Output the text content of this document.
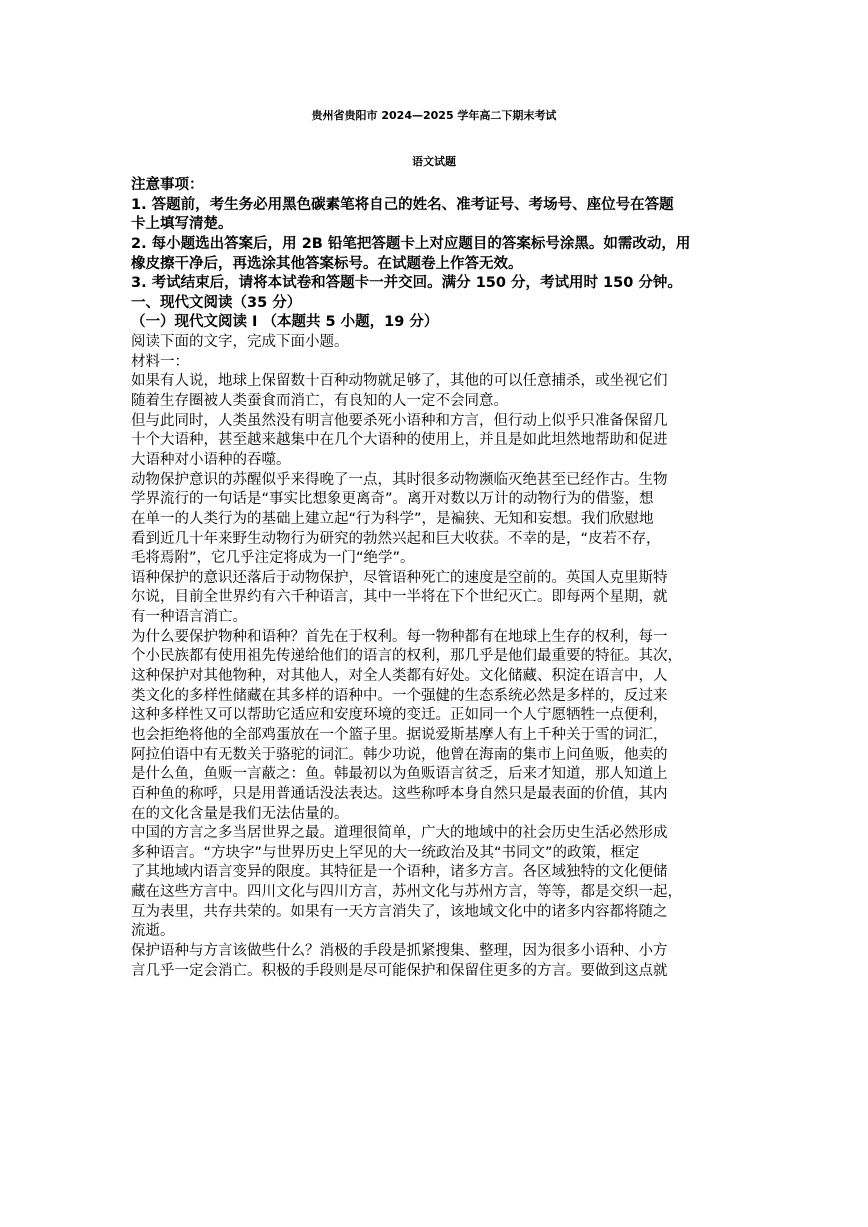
贵州省贵阳市 2024—2025 学年高二下期末考试
语文试题
注意事项：
1. 答题前，考生务必用黑色碳素笔将自己的姓名、准考证号、考场号、座位号在答题
卡上填写清楚。
2. 每小题选出答案后，用 2B 铅笔把答题卡上对应题目的答案标号涂黑。如需改动，用
橡皮擦干净后，再选涂其他答案标号。在试题卷上作答无效。
3. 考试结束后，请将本试卷和答题卡一并交回。满分 150 分，考试用时 150 分钟。
一、现代文阅读（35 分）
（一）现代文阅读 I （本题共 5 小题，19 分）
阅读下面的文字，完成下面小题。
材料一：
如果有人说，地球上保留数十百种动物就足够了，其他的可以任意捕杀，或坐视它们
随着生存圈被人类蚕食而消亡，有良知的人一定不会同意。
但与此同时，人类虽然没有明言他要杀死小语种和方言，但行动上似乎只准备保留几
十个大语种，甚至越来越集中在几个大语种的使用上，并且是如此坦然地帮助和促进
大语种对小语种的吞噬。
动物保护意识的苏醒似乎来得晚了一点，其时很多动物濒临灭绝甚至已经作古。生物
学界流行的一句话是“事实比想象更离奇”。离开对数以万计的动物行为的借鉴，想
在单一的人类行为的基础上建立起“行为科学”，是褊狭、无知和妄想。我们欣慰地
看到近几十年来野生动物行为研究的勃然兴起和巨大收获。不幸的是，“皮若不存，
毛将焉附”，它几乎注定将成为一门“绝学”。
语种保护的意识还落后于动物保护，尽管语种死亡的速度是空前的。英国人克里斯特
尔说，目前全世界约有六千种语言，其中一半将在下个世纪灭亡。即每两个星期，就
有一种语言消亡。
为什么要保护物种和语种？首先在于权利。每一物种都有在地球上生存的权利，每一
个小民族都有使用祖先传递给他们的语言的权利，那几乎是他们最重要的特征。其次，
这种保护对其他物种，对其他人，对全人类都有好处。文化储藏、积淀在语言中，人
类文化的多样性储藏在其多样的语种中。一个强健的生态系统必然是多样的，反过来
这种多样性又可以帮助它适应和安度环境的变迁。正如同一个人宁愿牺牲一点便利，
也会拒绝将他的全部鸡蛋放在一个篮子里。据说爱斯基摩人有上千种关于雪的词汇，
阿拉伯语中有无数关于骆驼的词汇。韩少功说，他曾在海南的集市上问鱼贩，他卖的
是什么鱼，鱼贩一言蔽之：鱼。韩最初以为鱼贩语言贫乏，后来才知道，那人知道上
百种鱼的称呼，只是用普通话没法表达。这些称呼本身自然只是最表面的价值，其内
在的文化含量是我们无法估量的。
中国的方言之多当居世界之最。道理很简单，广大的地域中的社会历史生活必然形成
多种语言。“方块字”与世界历史上罕见的大一统政治及其“书同文”的政策，框定
了其地域内语言变异的限度。其特征是一个语种，诸多方言。各区域独特的文化便储
藏在这些方言中。四川文化与四川方言，苏州文化与苏州方言，等等，都是交织一起，
互为表里，共存共荣的。如果有一天方言消失了，该地域文化中的诸多内容都将随之
流逝。
保护语种与方言该做些什么？消极的手段是抓紧搜集、整理，因为很多小语种、小方
言几乎一定会消亡。积极的手段则是尽可能保护和保留住更多的方言。要做到这点就
